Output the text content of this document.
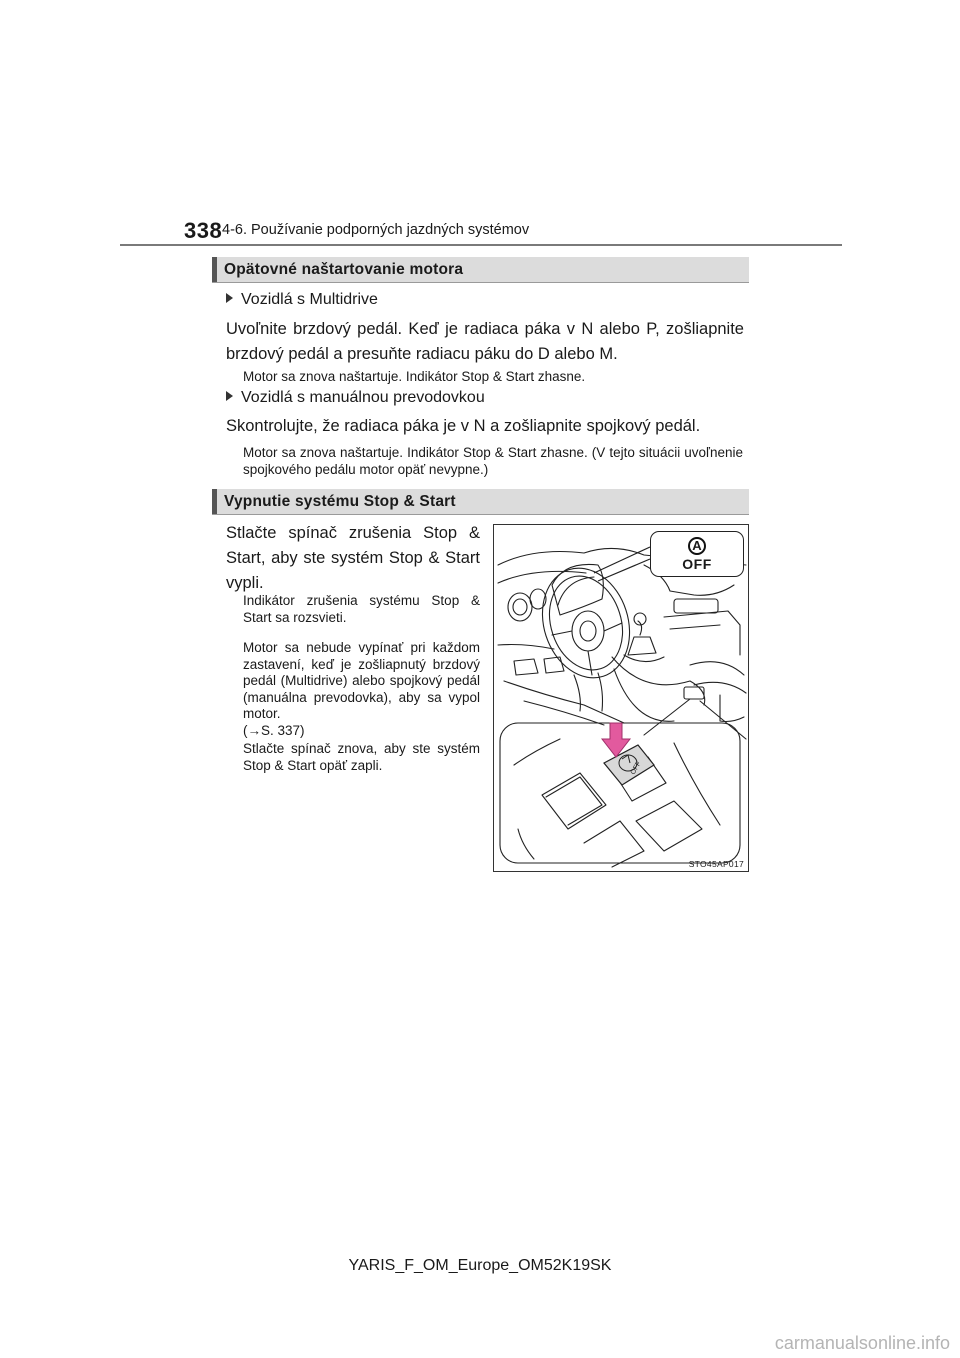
338 4-6. Používanie podporných jazdných systémov
Opätovné naštartovanie motora
Vozidlá s Multidrive
Uvoľnite brzdový pedál. Keď je radiaca páka v N alebo P, zošliapnite brzdový pedál a presuňte radiacu páku do D alebo M.
Motor sa znova naštartuje. Indikátor Stop & Start zhasne.
Vozidlá s manuálnou prevodovkou
Skontrolujte, že radiaca páka je v N a zošliapnite spojkový pedál.
Motor sa znova naštartuje. Indikátor Stop & Start zhasne. (V tejto situácii uvoľnenie spojkového pedálu motor opäť nevypne.)
Vypnutie systému Stop & Start
Stlačte spínač zrušenia Stop & Start, aby ste systém Stop & Start vypli.
Indikátor zrušenia systému Stop & Start sa rozsvieti.
Motor sa nebude vypínať pri každom zastavení, keď je zošliapnutý brzdový pedál (Multidrive) alebo spojkový pedál (manuálna prevodovka), aby sa vypol motor.
(→S. 337)
Stlačte spínač znova, aby ste systém Stop & Start opäť zapli.	OFF
A
OFF
STO45AP017
YARIS_F_OM_Europe_OM52K19SK
carmanualsonline.info
